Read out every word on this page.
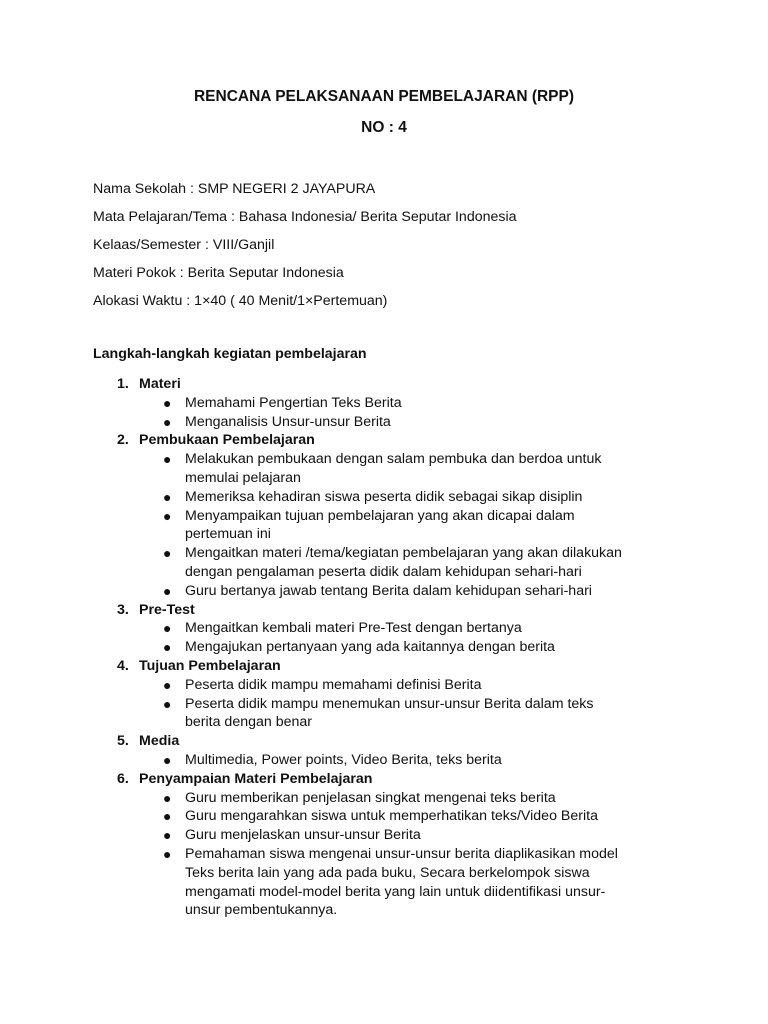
RENCANA PELAKSANAAN PEMBELAJARAN (RPP)
NO : 4
Nama Sekolah : SMP NEGERI 2 JAYAPURA
Mata Pelajaran/Tema : Bahasa Indonesia/ Berita Seputar Indonesia
Kelaas/Semester : VIII/Ganjil
Materi Pokok : Berita Seputar Indonesia
Alokasi Waktu : 1×40 ( 40 Menit/1×Pertemuan)
Langkah-langkah kegiatan pembelajaran
1. Materi
● Memahami Pengertian Teks Berita
● Menganalisis Unsur-unsur Berita
2. Pembukaan Pembelajaran
● Melakukan pembukaan dengan salam pembuka dan berdoa untuk
memulai pelajaran
● Memeriksa kehadiran siswa peserta didik sebagai sikap disiplin
● Menyampaikan tujuan pembelajaran yang akan dicapai dalam
pertemuan ini
● Mengaitkan materi /tema/kegiatan pembelajaran yang akan dilakukan
dengan pengalaman peserta didik dalam kehidupan sehari-hari
● Guru bertanya jawab tentang Berita dalam kehidupan sehari-hari
3. Pre-Test
● Mengaitkan kembali materi Pre-Test dengan bertanya
● Mengajukan pertanyaan yang ada kaitannya dengan berita
4. Tujuan Pembelajaran
● Peserta didik mampu memahami definisi Berita
● Peserta didik mampu menemukan unsur-unsur Berita dalam teks
berita dengan benar
5. Media
● Multimedia, Power points, Video Berita, teks berita
6. Penyampaian Materi Pembelajaran
● Guru memberikan penjelasan singkat mengenai teks berita
● Guru mengarahkan siswa untuk memperhatikan teks/Video Berita
● Guru menjelaskan unsur-unsur Berita
● Pemahaman siswa mengenai unsur-unsur berita diaplikasikan model
Teks berita lain yang ada pada buku, Secara berkelompok siswa
mengamati model-model berita yang lain untuk diidentifikasi unsur-
unsur pembentukannya.
